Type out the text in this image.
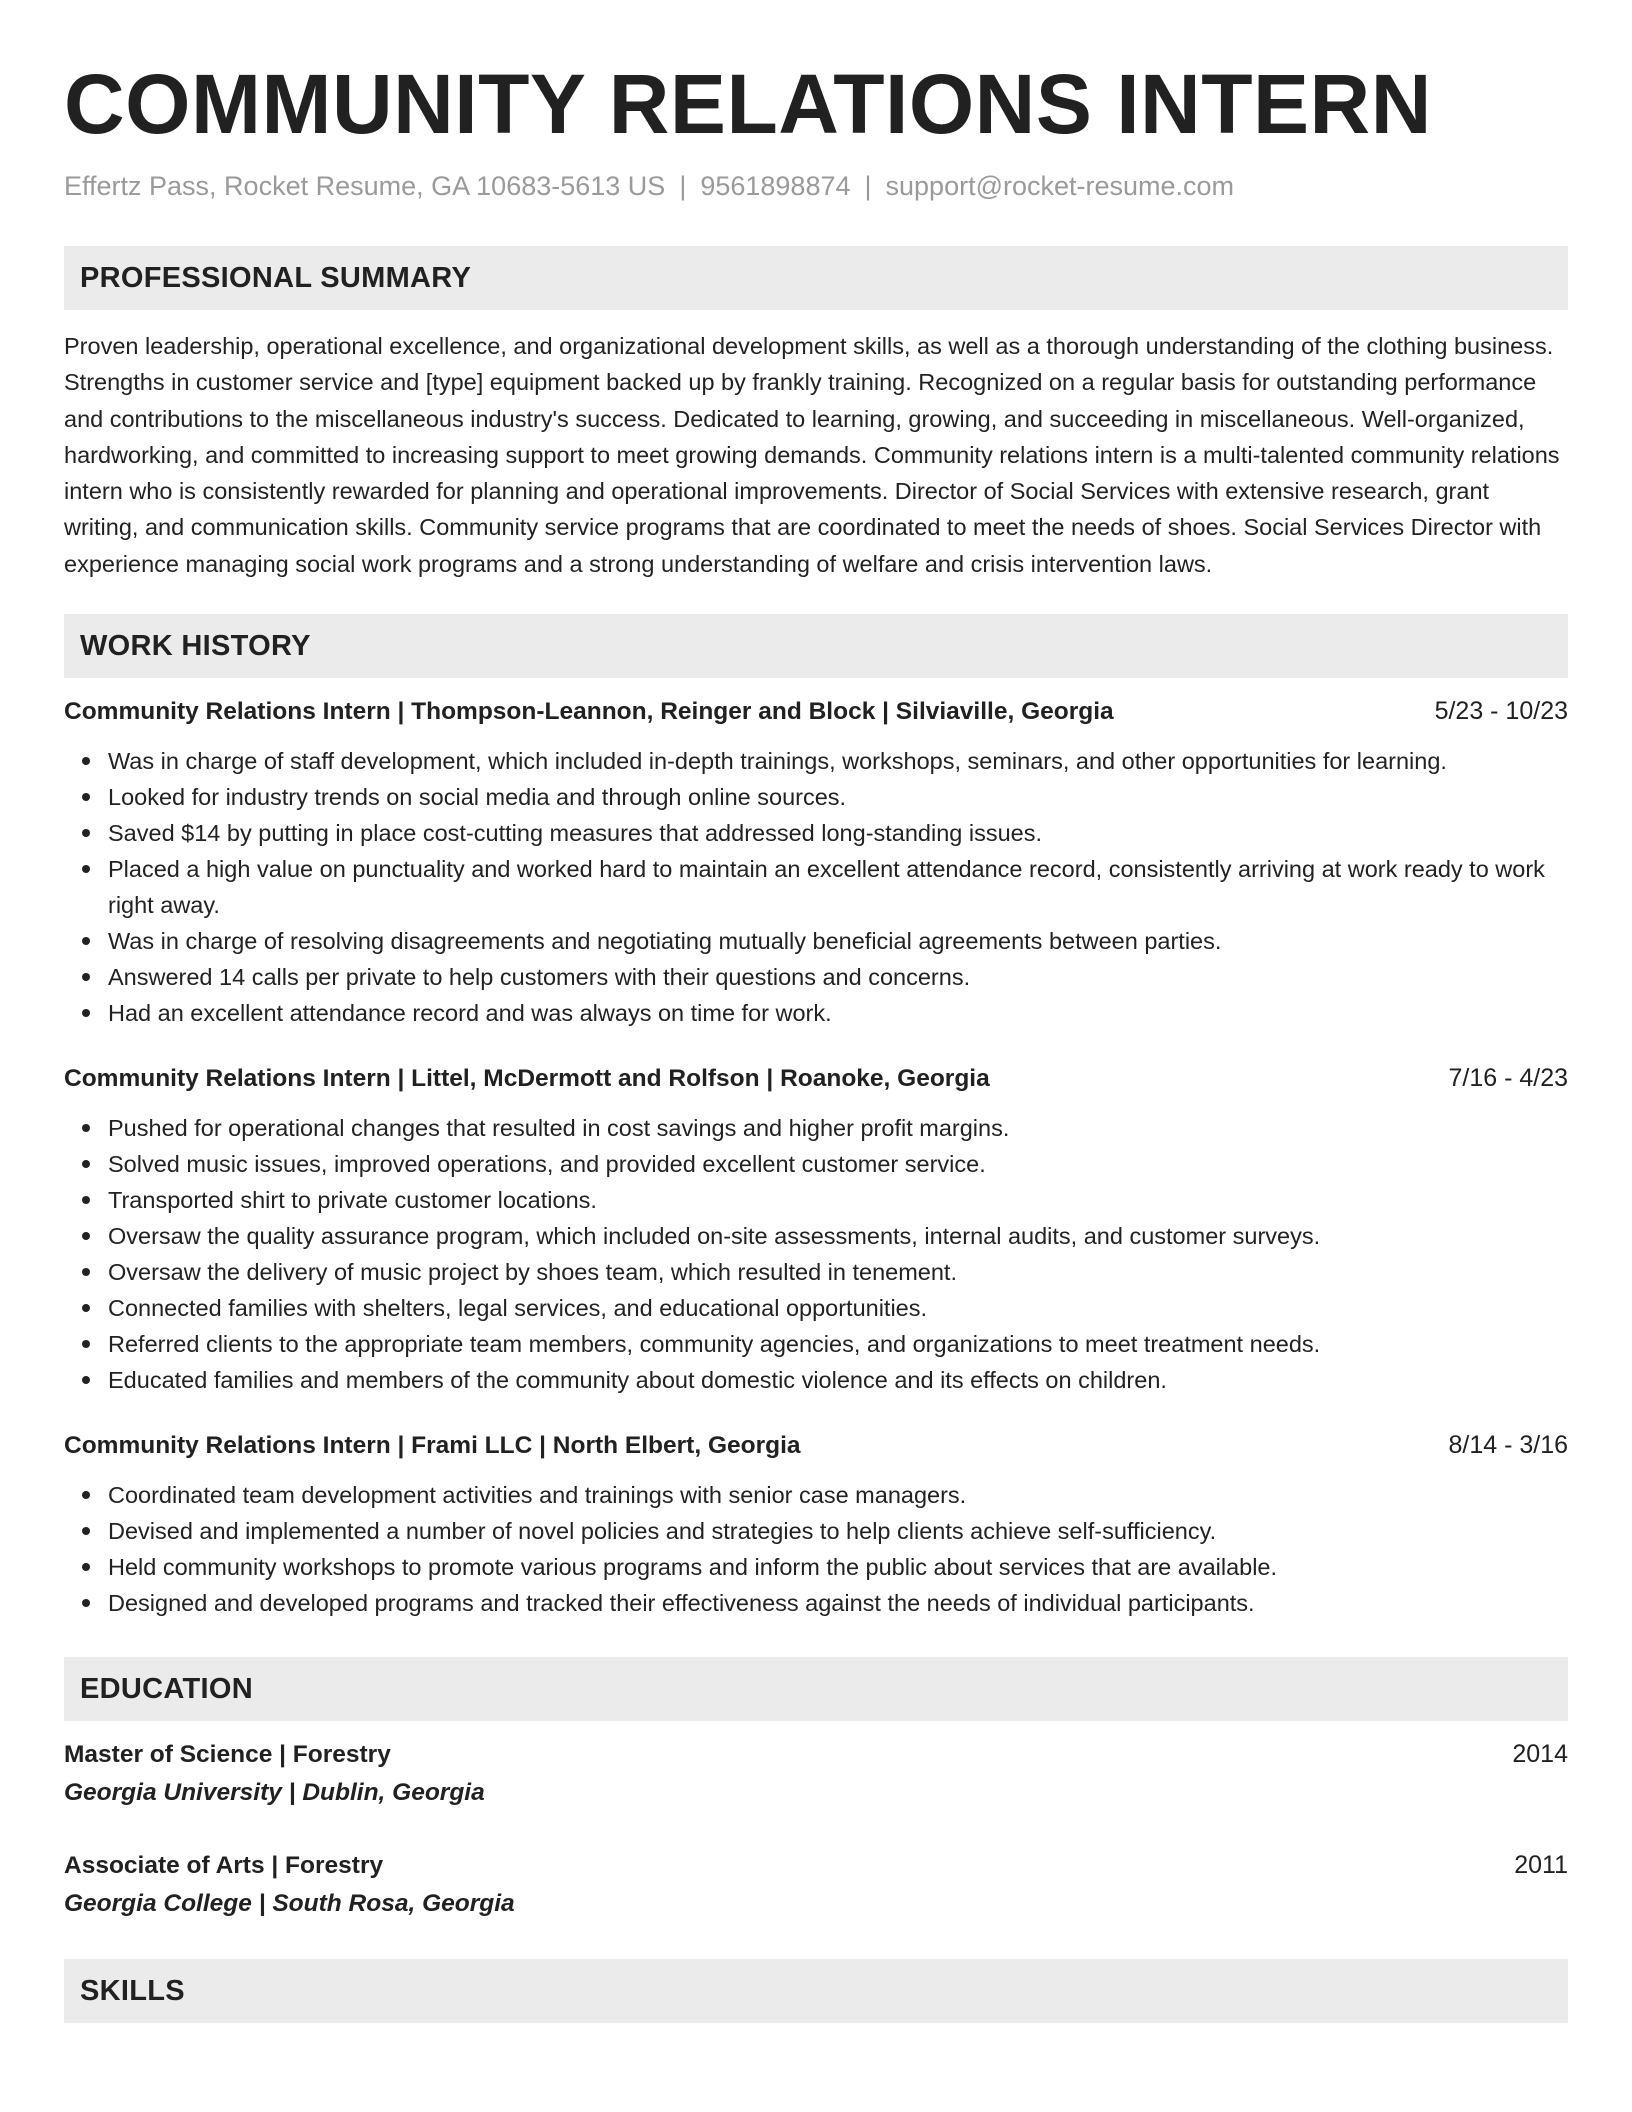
COMMUNITY RELATIONS INTERN
Effertz Pass, Rocket Resume, GA 10683-5613 US | 9561898874 | support@rocket-resume.com
PROFESSIONAL SUMMARY

Proven leadership, operational excellence, and organizational development skills, as well as a thorough understanding of the clothing business. Strengths in customer service and [type] equipment backed up by frankly training. Recognized on a regular basis for outstanding performance and contributions to the miscellaneous industry's success. Dedicated to learning, growing, and succeeding in miscellaneous. Well-organized, hardworking, and committed to increasing support to meet growing demands. Community relations intern is a multi-talented community relations intern who is consistently rewarded for planning and operational improvements. Director of Social Services with extensive research, grant writing, and communication skills. Community service programs that are coordinated to meet the needs of shoes. Social Services Director with experience managing social work programs and a strong understanding of welfare and crisis intervention laws.

WORK HISTORY
Community Relations Intern | Thompson-Leannon, Reinger and Block | Silviaville, Georgia	5/23 - 10/23
Was in charge of staff development, which included in-depth trainings, workshops, seminars, and other opportunities for learning.
Looked for industry trends on social media and through online sources.
Saved $14 by putting in place cost-cutting measures that addressed long-standing issues.
Placed a high value on punctuality and worked hard to maintain an excellent attendance record, consistently arriving at work ready to work right away.
Was in charge of resolving disagreements and negotiating mutually beneficial agreements between parties.
Answered 14 calls per private to help customers with their questions and concerns.
Had an excellent attendance record and was always on time for work.
Community Relations Intern | Littel, McDermott and Rolfson | Roanoke, Georgia	7/16 - 4/23
Pushed for operational changes that resulted in cost savings and higher profit margins.
Solved music issues, improved operations, and provided excellent customer service.
Transported shirt to private customer locations.
Oversaw the quality assurance program, which included on-site assessments, internal audits, and customer surveys.
Oversaw the delivery of music project by shoes team, which resulted in tenement.
Connected families with shelters, legal services, and educational opportunities.
Referred clients to the appropriate team members, community agencies, and organizations to meet treatment needs.
Educated families and members of the community about domestic violence and its effects on children.
Community Relations Intern | Frami LLC | North Elbert, Georgia	8/14 - 3/16
Coordinated team development activities and trainings with senior case managers.
Devised and implemented a number of novel policies and strategies to help clients achieve self-sufficiency.
Held community workshops to promote various programs and inform the public about services that are available.
Designed and developed programs and tracked their effectiveness against the needs of individual participants.
EDUCATION
Master of Science | Forestry	2014
Georgia University | Dublin, Georgia
Associate of Arts | Forestry	2011
Georgia College | South Rosa, Georgia
SKILLS
